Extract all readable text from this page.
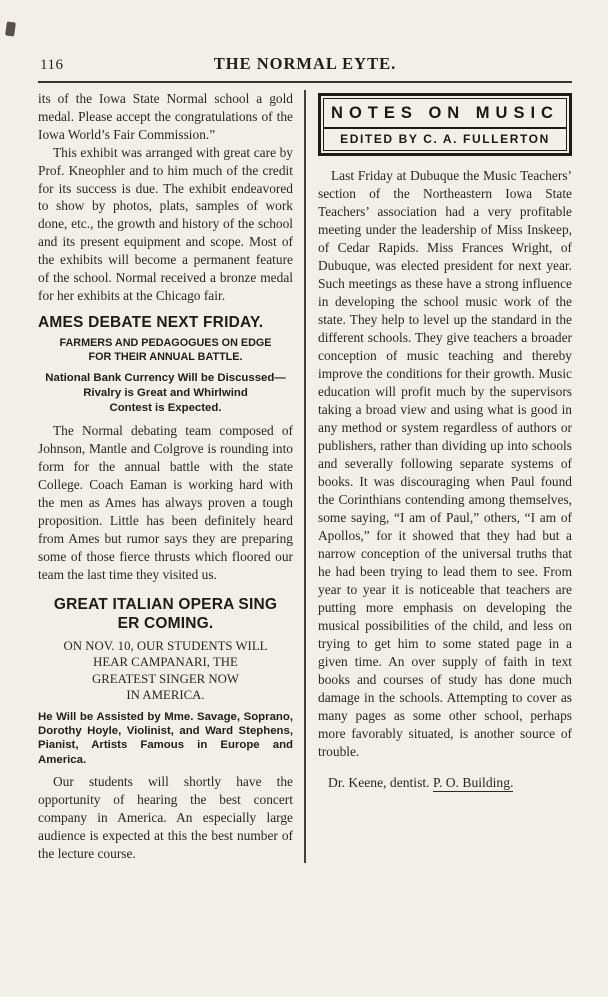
116	THE NORMAL EYTE.

its of the Iowa State Normal school a gold medal. Please accept the congratulations of the Iowa World’s Fair Commission.”

This exhibit was arranged with great care by Prof. Kneophler and to him much of the credit for its success is due. The exhibit endeavored to show by photos, plats, samples of work done, etc., the growth and history of the school and its present equipment and scope. Most of the exhibits will become a permanent feature of the school. Normal received a bronze medal for her exhibits at the Chicago fair.

AMES DEBATE NEXT FRIDAY.
FARMERS AND PEDAGOGUES ON EDGE
FOR THEIR ANNUAL BATTLE.
National Bank Currency Will be Discussed—
Rivalry is Great and Whirlwind
Contest is Expected.

The Normal debating team composed of Johnson, Mantle and Colgrove is rounding into form for the annual battle with the state College. Coach Eaman is working hard with the men as Ames has always proven a tough proposition. Little has been definitely heard from Ames but rumor says they are preparing some of those fierce thrusts which floored our team the last time they visited us.

GREAT ITALIAN OPERA SING
ER COMING.
ON NOV. 10, OUR STUDENTS WILL
HEAR CAMPANARI, THE
GREATEST SINGER NOW
IN AMERICA.

He Will be Assisted by Mme. Savage, Soprano, Dorothy Hoyle, Violinist, and Ward Stephens, Pianist, Artists Famous in Europe and America.

Our students will shortly have the opportunity of hearing the best concert company in America. An especially large audience is expected at this the best number of the lecture course.

NOTES ON MUSIC
EDITED BY C. A. FULLERTON

Last Friday at Dubuque the Music Teachers’ section of the Northeastern Iowa State Teachers’ association had a very profitable meeting under the leadership of Miss Inskeep, of Cedar Rapids. Miss Frances Wright, of Dubuque, was elected president for next year. Such meetings as these have a strong influence in developing the school music work of the state. They help to level up the standard in the different schools. They give teachers a broader conception of music teaching and thereby improve the conditions for their growth. Music education will profit much by the supervisors taking a broad view and using what is good in any method or system regardless of authors or publishers, rather than dividing up into schools and severally following separate systems of books. It was discouraging when Paul found the Corinthians contending among themselves, some saying, “I am of Paul,” others, “I am of Apollos,” for it showed that they had but a narrow conception of the universal truths that he had been trying to lead them to see. From year to year it is noticeable that teachers are putting more emphasis on developing the musical possibilities of the child, and less on trying to get him to some stated page in a given time. An over supply of faith in text books and courses of study has done much damage in the schools. Attempting to cover as many pages as some other school, perhaps more favorably situated, is another source of trouble.

Dr. Keene, dentist. P. O. Building.
